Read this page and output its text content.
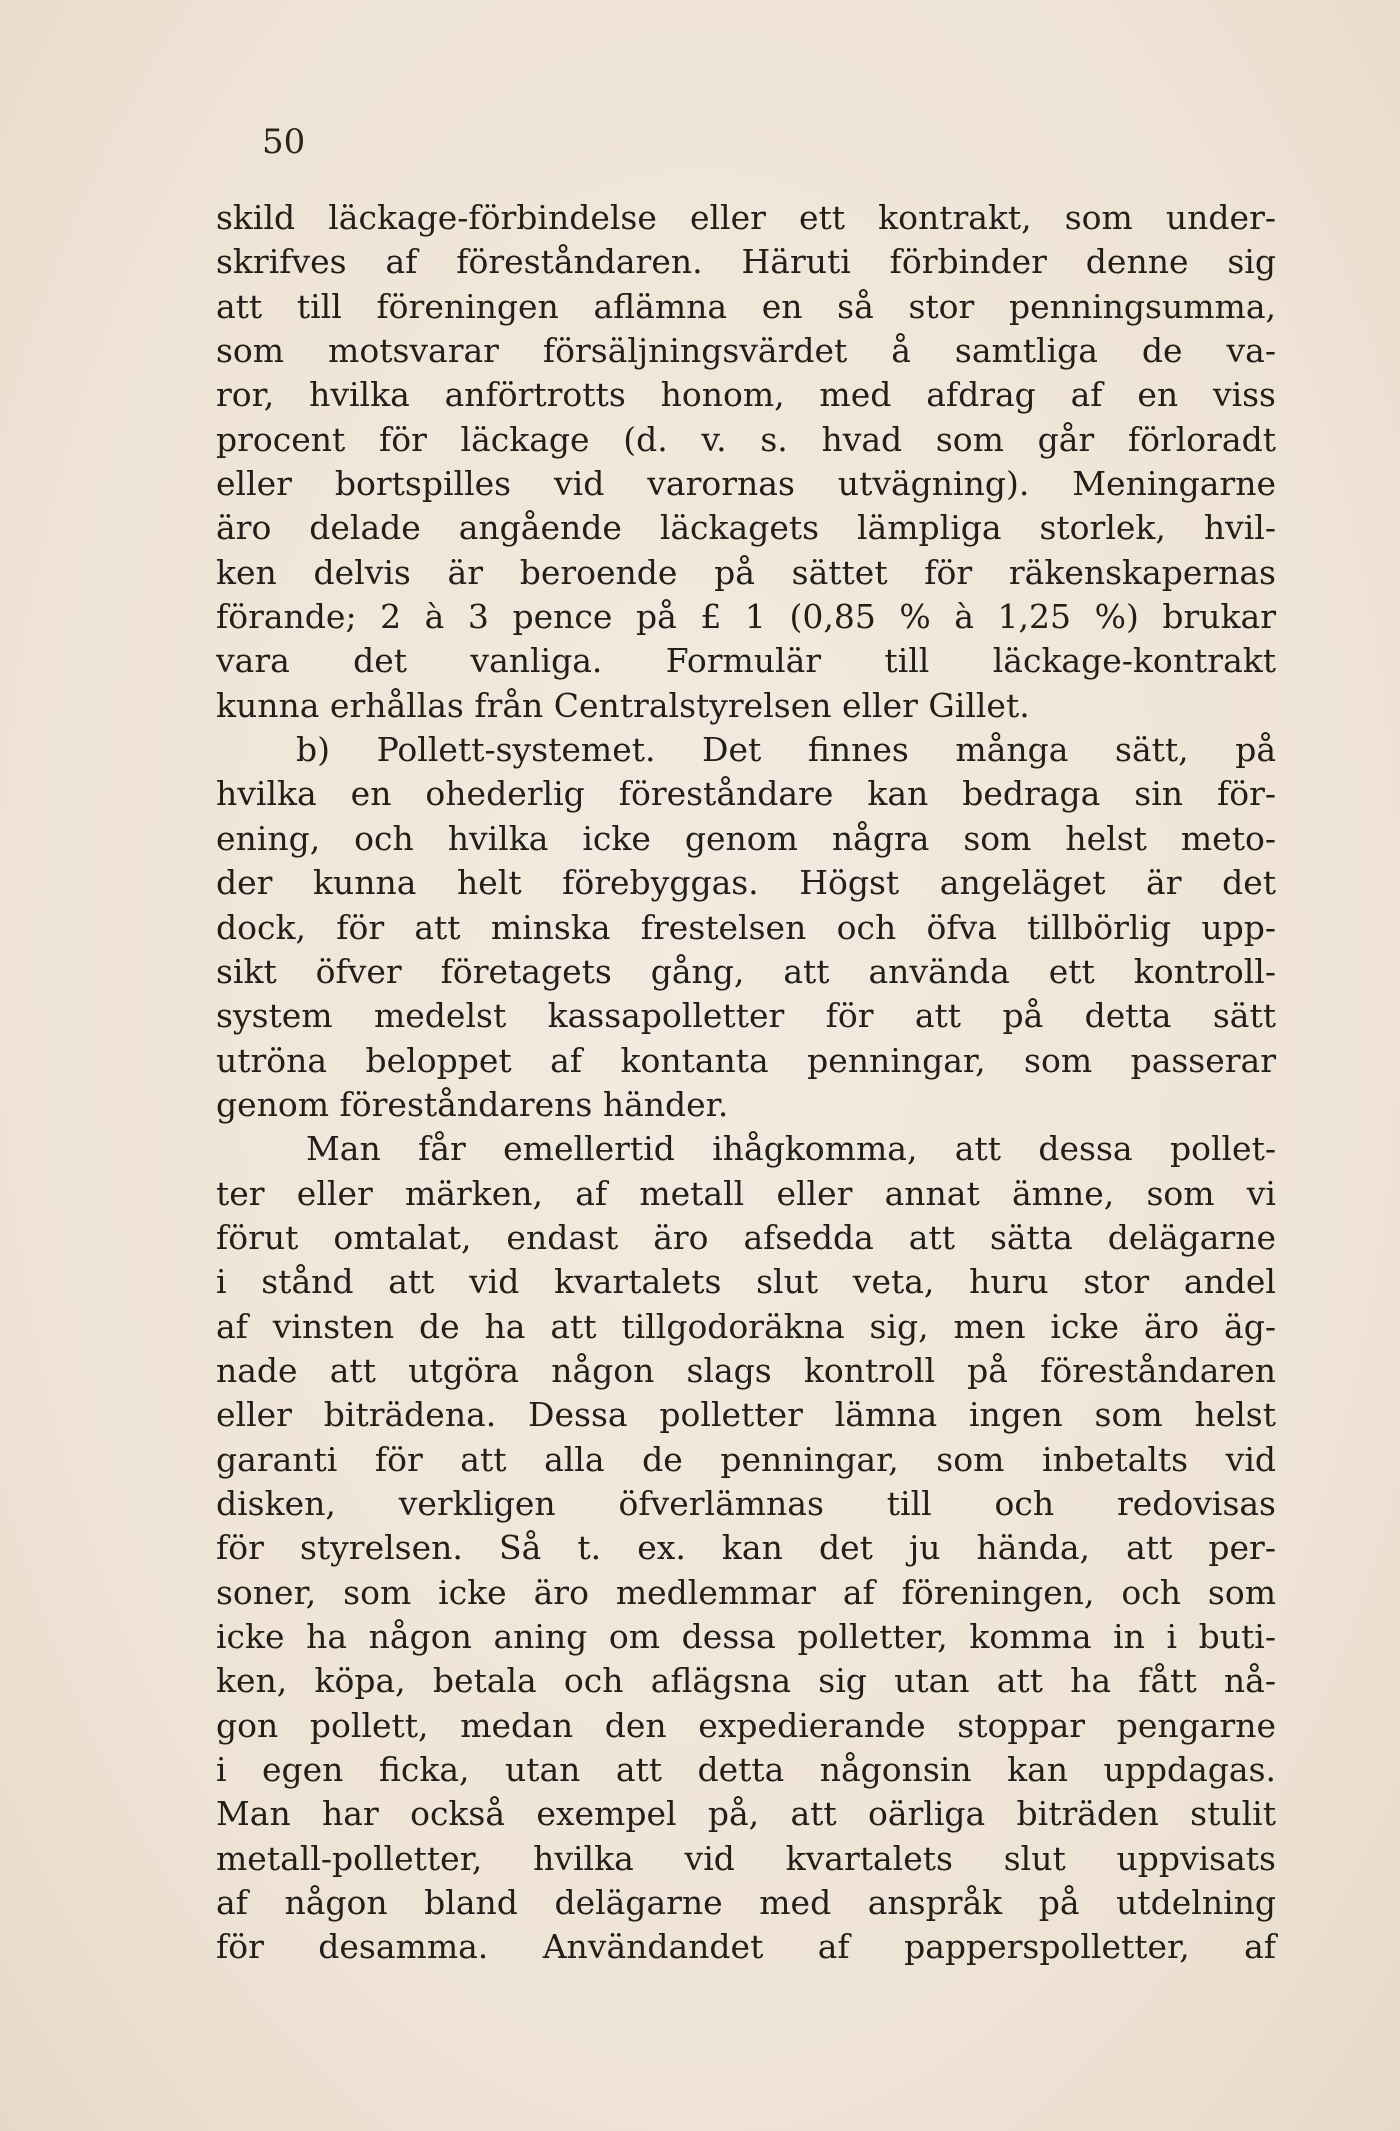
50
skild läckage-förbindelse eller ett kontrakt, som under-
skrifves af föreståndaren. Häruti förbinder denne sig
att till föreningen aflämna en så stor penningsumma,
som motsvarar försäljningsvärdet å samtliga de va-
ror, hvilka anförtrotts honom, med afdrag af en viss
procent för läckage (d. v. s. hvad som går förloradt
eller bortspilles vid varornas utvägning). Meningarne
äro delade angående läckagets lämpliga storlek, hvil-
ken delvis är beroende på sättet för räkenskapernas
förande; 2 à 3 pence på £ 1 (0,85 % à 1,25 %) brukar
vara det vanliga. Formulär till läckage-kontrakt
kunna erhållas från Centralstyrelsen eller Gillet.
b) Pollett-systemet. Det finnes många sätt, på
hvilka en ohederlig föreståndare kan bedraga sin för-
ening, och hvilka icke genom några som helst meto-
der kunna helt förebyggas. Högst angeläget är det
dock, för att minska frestelsen och öfva tillbörlig upp-
sikt öfver företagets gång, att använda ett kontroll-
system medelst kassapolletter för att på detta sätt
utröna beloppet af kontanta penningar, som passerar
genom föreståndarens händer.
Man får emellertid ihågkomma, att dessa pollet-
ter eller märken, af metall eller annat ämne, som vi
förut omtalat, endast äro afsedda att sätta delägarne
i stånd att vid kvartalets slut veta, huru stor andel
af vinsten de ha att tillgodoräkna sig, men icke äro äg-
nade att utgöra någon slags kontroll på föreståndaren
eller biträdena. Dessa polletter lämna ingen som helst
garanti för att alla de penningar, som inbetalts vid
disken, verkligen öfverlämnas till och redovisas
för styrelsen. Så t. ex. kan det ju hända, att per-
soner, som icke äro medlemmar af föreningen, och som
icke ha någon aning om dessa polletter, komma in i buti-
ken, köpa, betala och aflägsna sig utan att ha fått nå-
gon pollett, medan den expedierande stoppar pengarne
i egen ficka, utan att detta någonsin kan uppdagas.
Man har också exempel på, att oärliga biträden stulit
metall-polletter, hvilka vid kvartalets slut uppvisats
af någon bland delägarne med anspråk på utdelning
för desamma. Användandet af papperspolletter, af
